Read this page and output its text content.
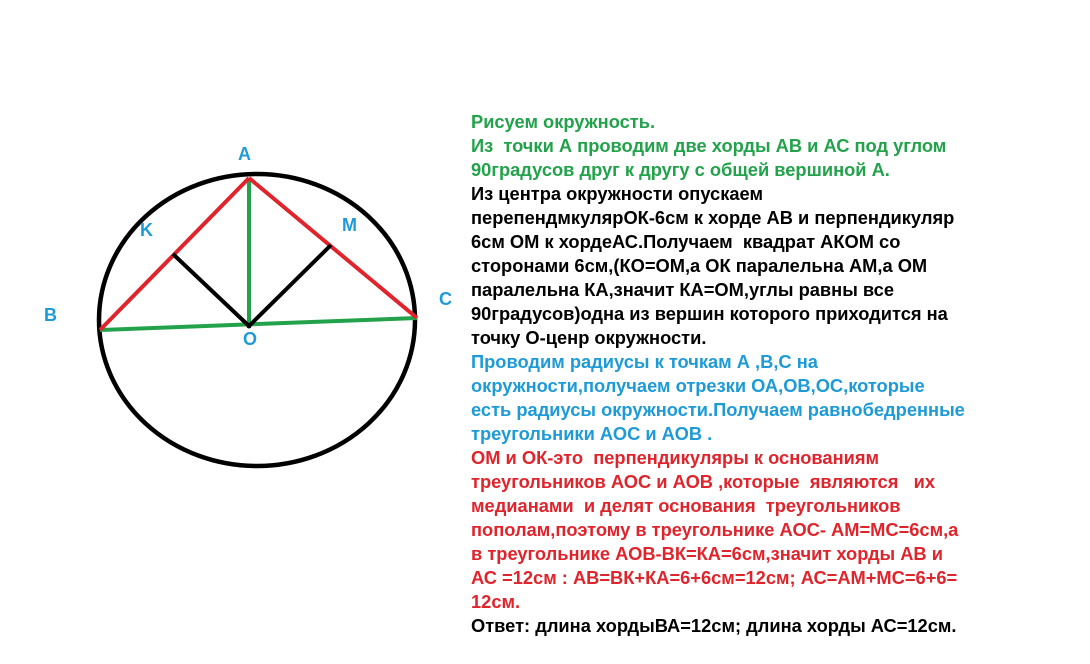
A
K	M
B
C
O
Рисуем окружность.
Из  точки А проводим две хорды АВ и АС под углом
90градусов друг к другу с общей вершиной А.
Из центра окружности опускаем
перепендмкулярОК-6см к хорде АВ и перпендикуляр
6см ОМ к хордеАС.Получаем  квадрат АКОМ со
сторонами 6см,(КО=ОМ,а ОК паралельна АМ,а ОМ
паралельна КА,значит КА=ОМ,углы равны все
90градусов)одна из вершин которого приходится на
точку О-ценр окружности.
Проводим радиусы к точкам А ,В,С на
окружности,получаем отрезки ОА,ОВ,ОС,которые
есть радиусы окружности.Получаем равнобедренные
треугольники АОС и АОВ .
ОМ и ОК-это  перпендикуляры к основаниям
треугольников АОС и АОВ ,которые  являются   их
медианами  и делят основания  треугольников
пополам,поэтому в треугольнике АОС- АМ=МС=6см,а
в треугольнике АОВ-ВК=КА=6см,значит хорды АВ и
АС =12см : АВ=ВК+КА=6+6см=12см; АС=АМ+МС=6+6=
12см.
Ответ: длина хордыВА=12см; длина хорды АС=12см.
